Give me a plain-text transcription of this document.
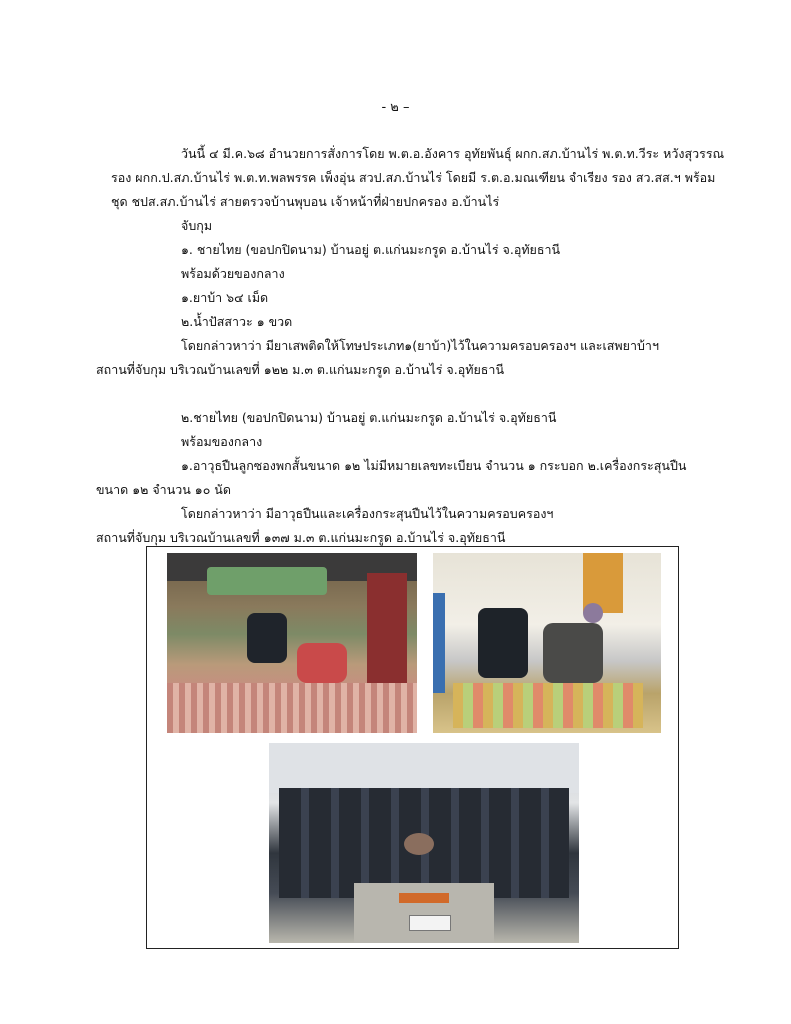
- ๒ –
วันนี้ ๔ มี.ค.๖๘ อำนวยการสั่งการโดย พ.ต.อ.อังคาร อุทัยพันธุ์ ผกก.สภ.บ้านไร่ พ.ต.ท.วีระ หวังสุวรรณ
รอง ผกก.ป.สภ.บ้านไร่ พ.ต.ท.พลพรรค เพ็งอุ่น สวป.สภ.บ้านไร่ โดยมี ร.ต.อ.มณเฑียน จำเรียง รอง สว.สส.ฯ พร้อม
ชุด ชปส.สภ.บ้านไร่ สายตรวจบ้านพุบอน เจ้าหน้าที่ฝ่ายปกครอง อ.บ้านไร่
จับกุม
๑. ชายไทย (ขอปกปิดนาม) บ้านอยู่ ต.แก่นมะกรูด อ.บ้านไร่ จ.อุทัยธานี
พร้อมด้วยของกลาง
๑.ยาบ้า ๖๔ เม็ด
๒.น้ำปัสสาวะ ๑ ขวด
โดยกล่าวหาว่า มียาเสพติดให้โทษประเภท๑(ยาบ้า)ไว้ในความครอบครองฯ และเสพยาบ้าฯ
สถานที่จับกุม บริเวณบ้านเลขที่ ๑๒๒ ม.๓ ต.แก่นมะกรูด อ.บ้านไร่ จ.อุทัยธานี
๒.ชายไทย (ขอปกปิดนาม) บ้านอยู่ ต.แก่นมะกรูด อ.บ้านไร่ จ.อุทัยธานี
พร้อมของกลาง
๑.อาวุธปืนลูกซองพกสั้นขนาด ๑๒ ไม่มีหมายเลขทะเบียน จำนวน ๑ กระบอก ๒.เครื่องกระสุนปืน
ขนาด ๑๒ จำนวน ๑๐ นัด
โดยกล่าวหาว่า มีอาวุธปืนและเครื่องกระสุนปืนไว้ในความครอบครองฯ
สถานที่จับกุม บริเวณบ้านเลขที่ ๑๓๗ ม.๓ ต.แก่นมะกรูด อ.บ้านไร่ จ.อุทัยธานี
